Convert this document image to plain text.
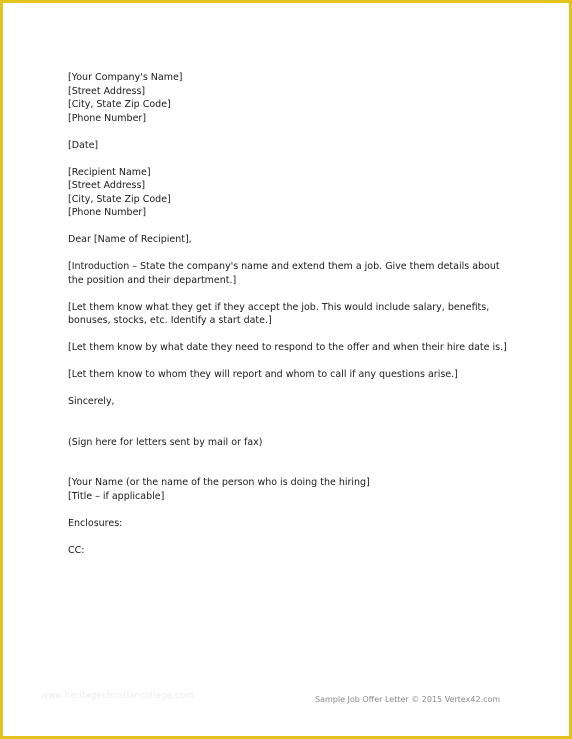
[Your Company's Name]
[Street Address]
[City, State Zip Code]
[Phone Number]
[Date]
[Recipient Name]
[Street Address]
[City, State Zip Code]
[Phone Number]
Dear [Name of Recipient],
[Introduction – State the company's name and extend them a job. Give them details about the position and their department.]
[Let them know what they get if they accept the job. This would include salary, benefits, bonuses, stocks, etc. Identify a start date.]
[Let them know by what date they need to respond to the offer and when their hire date is.]
[Let them know to whom they will report and whom to call if any questions arise.]
Sincerely,
(Sign here for letters sent by mail or fax)
[Your Name (or the name of the person who is doing the hiring]
[Title – if applicable]
Enclosures:
CC:
www.heritagechristiancollege.com	Sample Job Offer Letter © 2015 Vertex42.com
